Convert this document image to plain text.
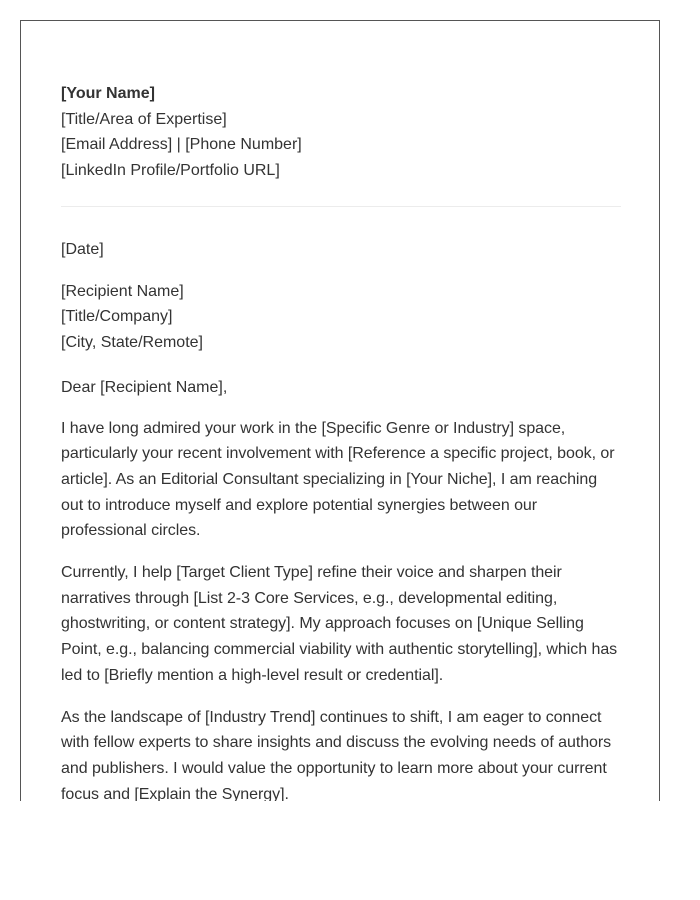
[Your Name]
[Title/Area of Expertise]
[Email Address] | [Phone Number]
[LinkedIn Profile/Portfolio URL]
[Date]
[Recipient Name]
[Title/Company]
[City, State/Remote]
Dear [Recipient Name],

I have long admired your work in the [Specific Genre or Industry] space, particularly your recent involvement with [Reference a specific project, book, or article]. As an Editorial Consultant specializing in [Your Niche], I am reaching out to introduce myself and explore potential synergies between our professional circles.

Currently, I help [Target Client Type] refine their voice and sharpen their narratives through [List 2-3 Core Services, e.g., developmental editing, ghostwriting, or content strategy]. My approach focuses on [Unique Selling Point, e.g., balancing commercial viability with authentic storytelling], which has led to [Briefly mention a high-level result or credential].

As the landscape of [Industry Trend] continues to shift, I am eager to connect with fellow experts to share insights and discuss the evolving needs of authors and publishers. I would value the opportunity to learn more about your current focus and [Explain the Synergy].
